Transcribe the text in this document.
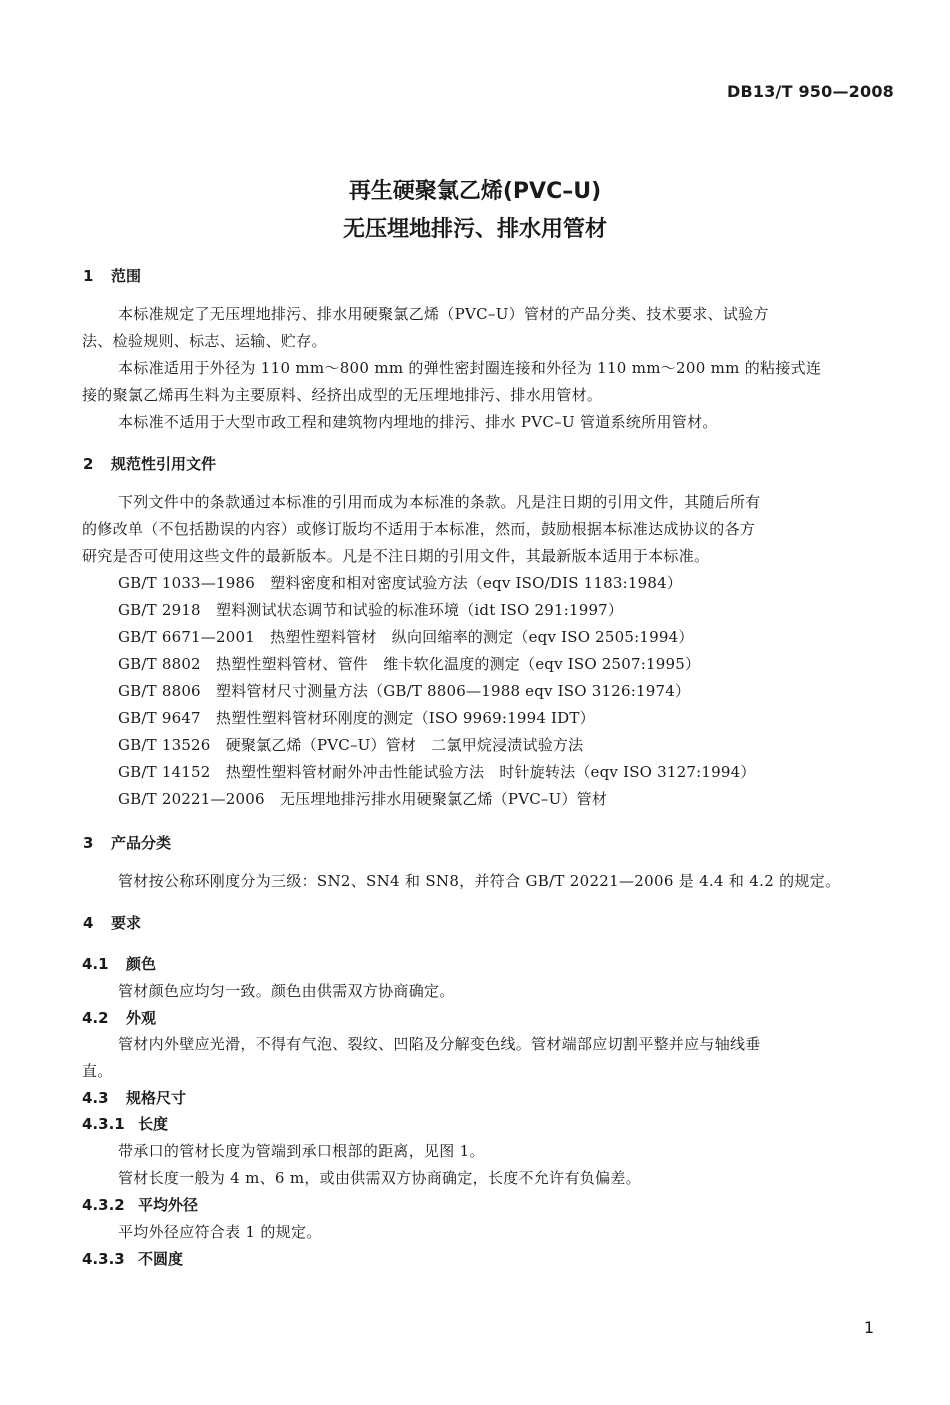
DB13/T 950—2008
再生硬聚氯乙烯(PVC–U)
无压埋地排污、排水用管材
1 范围
本标准规定了无压埋地排污、排水用硬聚氯乙烯（PVC–U）管材的产品分类、技术要求、试验方
法、检验规则、标志、运输、贮存。
本标准适用于外径为 110 mm～800 mm 的弹性密封圈连接和外径为 110 mm～200 mm 的粘接式连
接的聚氯乙烯再生料为主要原料、经挤出成型的无压埋地排污、排水用管材。
本标准不适用于大型市政工程和建筑物内埋地的排污、排水 PVC–U 管道系统所用管材。
2 规范性引用文件
下列文件中的条款通过本标准的引用而成为本标准的条款。凡是注日期的引用文件，其随后所有
的修改单（不包括勘误的内容）或修订版均不适用于本标准，然而，鼓励根据本标准达成协议的各方
研究是否可使用这些文件的最新版本。凡是不注日期的引用文件，其最新版本适用于本标准。
GB/T 1033—1986　塑料密度和相对密度试验方法（eqv ISO/DIS 1183:1984）
GB/T 2918　塑料测试状态调节和试验的标准环境（idt ISO 291:1997）
GB/T 6671—2001　热塑性塑料管材　纵向回缩率的测定（eqv ISO 2505:1994）
GB/T 8802　热塑性塑料管材、管件　维卡软化温度的测定（eqv ISO 2507:1995）
GB/T 8806　塑料管材尺寸测量方法（GB/T 8806—1988 eqv ISO 3126:1974）
GB/T 9647　热塑性塑料管材环刚度的测定（ISO 9969:1994 IDT）
GB/T 13526　硬聚氯乙烯（PVC–U）管材　二氯甲烷浸渍试验方法
GB/T 14152　热塑性塑料管材耐外冲击性能试验方法　时针旋转法（eqv ISO 3127:1994）
GB/T 20221—2006　无压埋地排污排水用硬聚氯乙烯（PVC–U）管材
3 产品分类
管材按公称环刚度分为三级：SN2、SN4 和 SN8，并符合 GB/T 20221—2006 是 4.4 和 4.2 的规定。
4 要求
4.1 颜色
管材颜色应均匀一致。颜色由供需双方协商确定。
4.2 外观
管材内外壁应光滑，不得有气泡、裂纹、凹陷及分解变色线。管材端部应切割平整并应与轴线垂
直。
4.3 规格尺寸
4.3.1 长度
带承口的管材长度为管端到承口根部的距离，见图 1。
管材长度一般为 4 m、6 m，或由供需双方协商确定，长度不允许有负偏差。
4.3.2 平均外径
平均外径应符合表 1 的规定。
4.3.3 不圆度
1
